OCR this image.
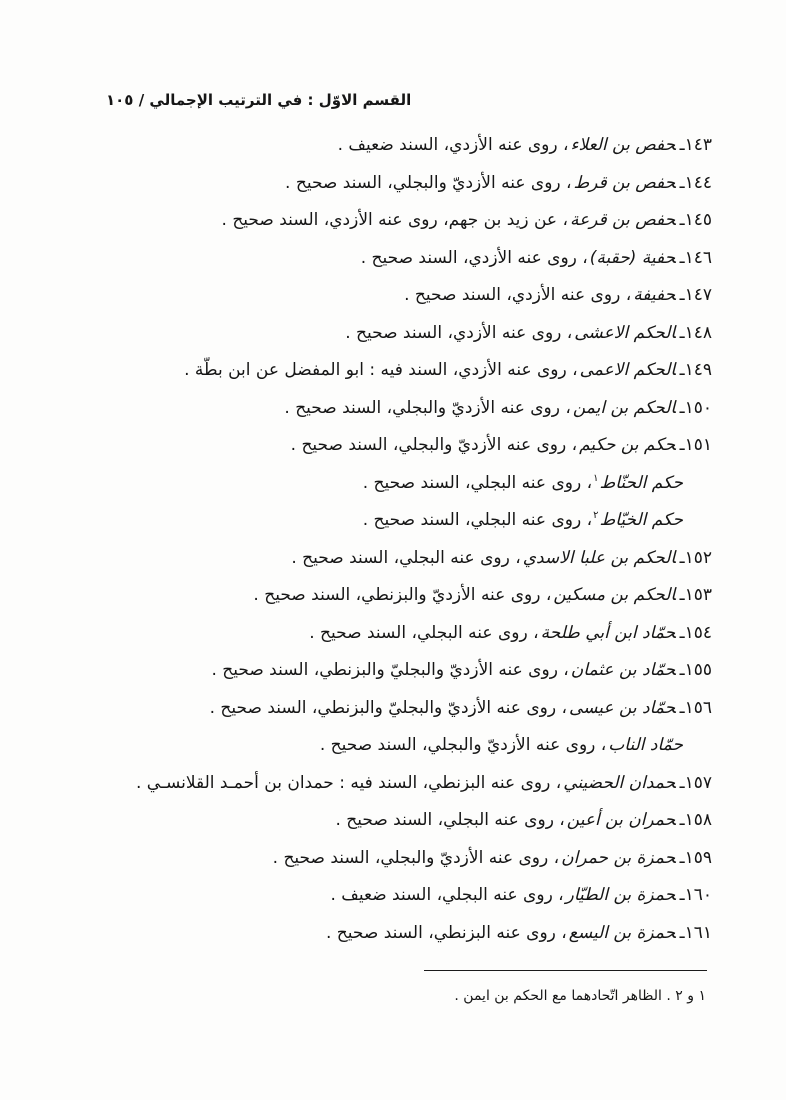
القسم الاوّل : في الترتيب الإجمالي / ١٠٥
١٤٣ـحفص بن العلاء، روى عنه الأزدي، السند ضعيف .
١٤٤ـحفص بن قرط، روى عنه الأزديّ والبجلي، السند صحيح .
١٤٥ـحفص بن قرعة، عن زيد بن جهم، روى عنه الأزدي، السند صحيح .
١٤٦ـحفية (حقبة)، روى عنه الأزدي، السند صحيح .
١٤٧ـحفيفة، روى عنه الأزدي، السند صحيح .
١٤٨ـالحكم الاعشى، روى عنه الأزدي، السند صحيح .
١٤٩ـالحكم الاعمى، روى عنه الأزدي، السند فيه : ابو المفضل عن ابن بطّة .
١٥٠ـالحكم بن ايمن، روى عنه الأزديّ والبجلي، السند صحيح .
١٥١ـحكم بن حكيم، روى عنه الأزديّ والبجلي، السند صحيح .
حكم الحنّاط$^١$، روى عنه البجلي، السند صحيح .
حكم الخيّاط$^٢$، روى عنه البجلي، السند صحيح .
١٥٢ـالحكم بن علبا الاسدي، روى عنه البجلي، السند صحيح .
١٥٣ـالحكم بن مسكين، روى عنه الأزديّ والبزنطي، السند صحيح .
١٥٤ـحمّاد ابن أبي طلحة، روى عنه البجلي، السند صحيح .
١٥٥ـحمّاد بن عثمان، روى عنه الأزديّ والبجليّ والبزنطي، السند صحيح .
١٥٦ـحمّاد بن عيسى، روى عنه الأزديّ والبجليّ والبزنطي، السند صحيح .
حمّاد الناب، روى عنه الأزديّ والبجلي، السند صحيح .
١٥٧ـحمدان الحضيني، روى عنه البزنطي، السند فيه : حمدان بن أحمـد القلانسـي .
١٥٨ـحمران بن أعين، روى عنه البجلي، السند صحيح .
١٥٩ـحمزة بن حمران، روى عنه الأزديّ والبجلي، السند صحيح .
١٦٠ـحمزة بن الطيّار، روى عنه البجلي، السند ضعيف .
١٦١ـحمزة بن اليسع، روى عنه البزنطي، السند صحيح .
١ و ٢ . الظاهر اتّحادهما مع الحكم بن ايمن .
